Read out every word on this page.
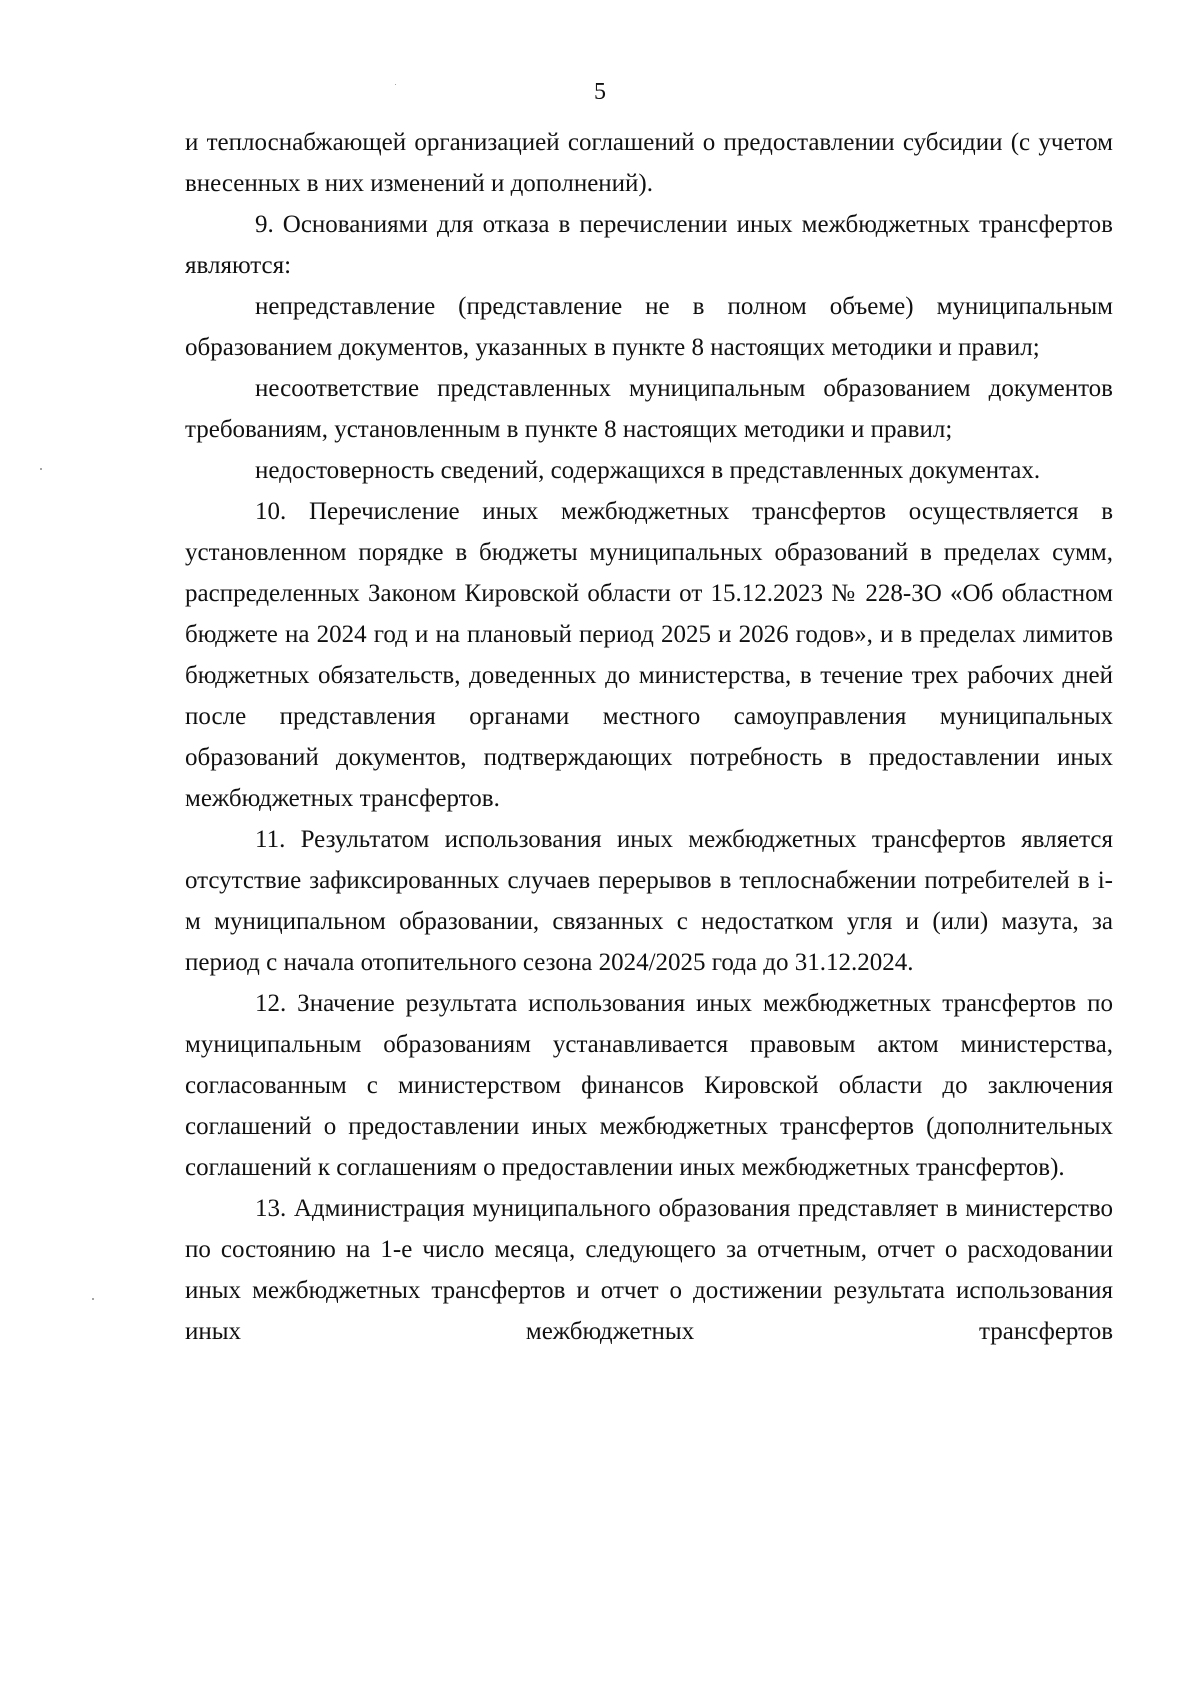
5

и теплоснабжающей организацией соглашений о предоставлении субсидии (с учетом внесенных в них изменений и дополнений).

9. Основаниями для отказа в перечислении иных межбюджетных трансфертов являются:

непредставление (представление не в полном объеме) муниципальным образованием документов, указанных в пункте 8 настоящих методики и правил;

несоответствие представленных муниципальным образованием документов требованиям, установленным в пункте 8 настоящих методики и правил;

недостоверность сведений, содержащихся в представленных документах.

10. Перечисление иных межбюджетных трансфертов осуществляется в установленном порядке в бюджеты муниципальных образований в пределах сумм, распределенных Законом Кировской области от 15.12.2023 № 228-ЗО «Об областном бюджете на 2024 год и на плановый период 2025 и 2026 годов», и в пределах лимитов бюджетных обязательств, доведенных до министерства, в течение трех рабочих дней после представления органами местного самоуправления муниципальных образований документов, подтверждающих потребность в предоставлении иных межбюджетных трансфертов.

11. Результатом использования иных межбюджетных трансфертов является отсутствие зафиксированных случаев перерывов в теплоснабжении потребителей в i-м муниципальном образовании, связанных с недостатком угля и (или) мазута, за период с начала отопительного сезона 2024/2025 года до 31.12.2024.

12. Значение результата использования иных межбюджетных трансфертов по муниципальным образованиям устанавливается правовым актом министерства, согласованным с министерством финансов Кировской области до заключения соглашений о предоставлении иных межбюджетных трансфертов (дополнительных соглашений к соглашениям о предоставлении иных межбюджетных трансфертов).

13. Администрация муниципального образования представляет в министерство по состоянию на 1-е число месяца, следующего за отчетным, отчет о расходовании иных межбюджетных трансфертов и отчет о достижении результата использования иных межбюджетных трансфертов
